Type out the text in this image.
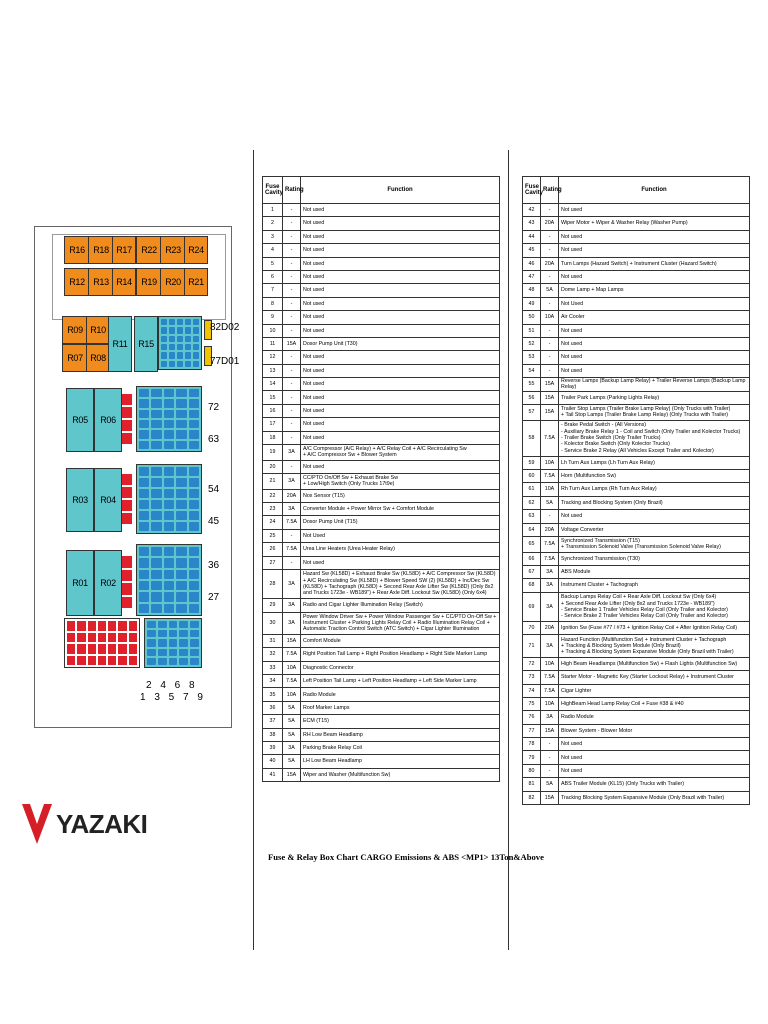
R16 R18 R17
R12 R13 R14
R22 R23 R24
R19 R20 R21
R09 R10
R07 R08
R11	R15
82 D02
77 D01
R05	R06
R03	R04
R01	R02
72
63
54
45
36
27
2 4 6 8
1 3 5 7 9
YAZAKI
Fuse Cavity	Rating	Function
1	-	Not used
2	-	Not used
3	-	Not used
4	-	Not used
5	-	Not used
6	-	Not used
7	-	Not used
8	-	Not used
9	-	Not used
10	-	Not used
11	15A	Dosor Pump Unit (T30)
12	-	Not used
13	-	Not used
14	-	Not used
15	-	Not used
16	-	Not used
17	-	Not used
18	-	Not used
19	3A	A/C Compressor (A/C Relay) + A/C Relay Coil + A/C Recirculating Sw
+ A/C Compressor Sw + Blower System
20	-	Not used
21	3A	CC/PTO On/Off Sw + Exhaust Brake Sw
+ Low/High Switch (Only Trucks 17t9e)
22	20A	Nox Sensor (T15)
23	3A	Converter Module + Power Mirror Sw + Comfort Module
24	7.5A	Dosor Pump Unit (T15)
25	-	Not Used
26	7.5A	Urea Line Heaters (Urea Heater Relay)
27	-	Not used
28	3A	Hazard Sw (KL58D) + Exhaust Brake Sw (KL58D) + A/C Compressor Sw (KL58D) + A/C Recirculating Sw (KL58D) + Blower Speed SW (2) (KL58D) + Inc/Dec Sw (KL58D) + Tachograph (KL58D) + Second Rear Axle Lifter Sw (KL58D) (Only 8x2 and Trucks 1723e - WB189") + Rear Axle Diff. Lockout Sw (KL58D) (Only 6x4)
29	3A	Radio and Cigar Lighter Illumination Relay (Switch)
30	3A	Power Window Driver Sw + Power Window Passenger Sw + CC/PTO On-Off Sw + Instrument Cluster + Parking Lights Relay Coil + Radio Illumination Relay Coil + Automatic Traction Control Switch (ATC Switch) + Cigar Lighter Illumination
31	15A	Comfort Module
32	7.5A	Right Position Tail Lamp + Right Position Headlamp + Right Side Marker Lamp
33	10A	Diagnostic Connector
34	7.5A	Left Position Tail Lamp + Left Position Headlamp + Left Side Marker Lamp
35	10A	Radio Module
36	5A	Roof Marker Lamps
37	5A	ECM (T15)
38	5A	RH Low Beam Headlamp
39	3A	Parking Brake Relay Coil
40	5A	LH Low Beam Headlamp
41	15A	Wiper and Washer (Multifunction Sw)
Fuse & Relay Box Chart CARGO Emissions & ABS <MP1> 13Ton&Above
Fuse Cavity	Rating	Function
42	-	Not used
43	20A	Wiper Motor + Wiper & Washer Relay (Washer Pump)
44	-	Not used
45	-	Not used
46	20A	Turn Lamps (Hazard Switch) + Instrument Cluster (Hazard Switch)
47	-	Not used
48	5A	Dome Lamp + Map Lamps
49	-	Not Used
50	10A	Air Cooler
51	-	Not used
52	-	Not used
53	-	Not used
54	-	Not used
55	15A	Reverse Lamps (Backup Lamp Relay) + Trailer Reverse Lamps (Backup Lamp Relay)
56	15A	Trailer Park Lamps (Parking Lights Relay)
57	15A	Trailer Stop Lamps (Trailer Brake Lamp Relay) (Only Trucks with Trailer)
+ Tail Stop Lamps (Trailer Brake Lamp Relay) (Only Trucks with Trailer)
58	7.5A	- Brake Pedal Switch - (All Versions)
- Auxiliary Brake Relay 1 - Coil and Switch (Only Trailer and Kolector Trucks)
- Trailer Brake Switch (Only Trailer Trucks)
- Kolector Brake Switch (Only Kolector Trucks)
- Service Brake 2 Relay (All Vehicles Except Trailer and Kolector)
59	10A	Lh Turn Aux Lamps (Lh Turn Aux Relay)
60	7.5A	Horn (Multifunction Sw)
61	10A	Rh Turn Aux Lamps (Rh Turn Aux Relay)
62	5A	Tracking and Blocking System (Only Brazil)
63	-	Not used
64	20A	Voltage Converter
65	7.5A	Synchronized Transmission (T15)
+ Transmission Solenoid Valve (Transmission Solenoid Valve Relay)
66	7.5A	Synchronized Transmission (T30)
67	3A	ABS Module
68	3A	Instrument Cluster + Tachograph
69	3A	Backup Lamps Relay Coil + Rear Axle Diff. Lockout Sw (Only 6x4)
+ Second Rear Axle Lifter (Only 8x2 and Trucks 1723e - WB189")
- Service Brake 1 Trailer Vehicles Relay Coil (Only Trailer and Kolector)
- Service Brake 2 Trailer Vehicles Relay Coil (Only Trailer and Kolector)
70	20A	Ignition Sw (Fuse #77 / #73 + Ignition Relay Coil + After Ignition Relay Coil)
71	3A	Hazard Function (Multifunction Sw) + Instrument Cluster + Tachograph
+ Tracking & Blocking System Module (Only Brazil)
+ Tracking & Blocking System Expansive Module (Only Brazil with Trailer)
72	10A	High Beam Headlamps (Multifunction Sw) + Flash Lights (Multifunction Sw)
73	7.5A	Starter Motor - Magnetic Key (Starter Lockout Relay) + Instrument Cluster
74	7.5A	Cigar Lighter
75	10A	HighBeam Head Lamp Relay Coil + Fuse #38 & #40
76	3A	Radio Module
77	15A	Blower System - Blower Motor
78	-	Not used
79	-	Not used
80	-	Not used
81	5A	ABS Trailer Module (KL15) (Only Trucks with Trailer)
82	15A	Tracking Blocking System Expansive Module (Only Brazil with Trailer)
